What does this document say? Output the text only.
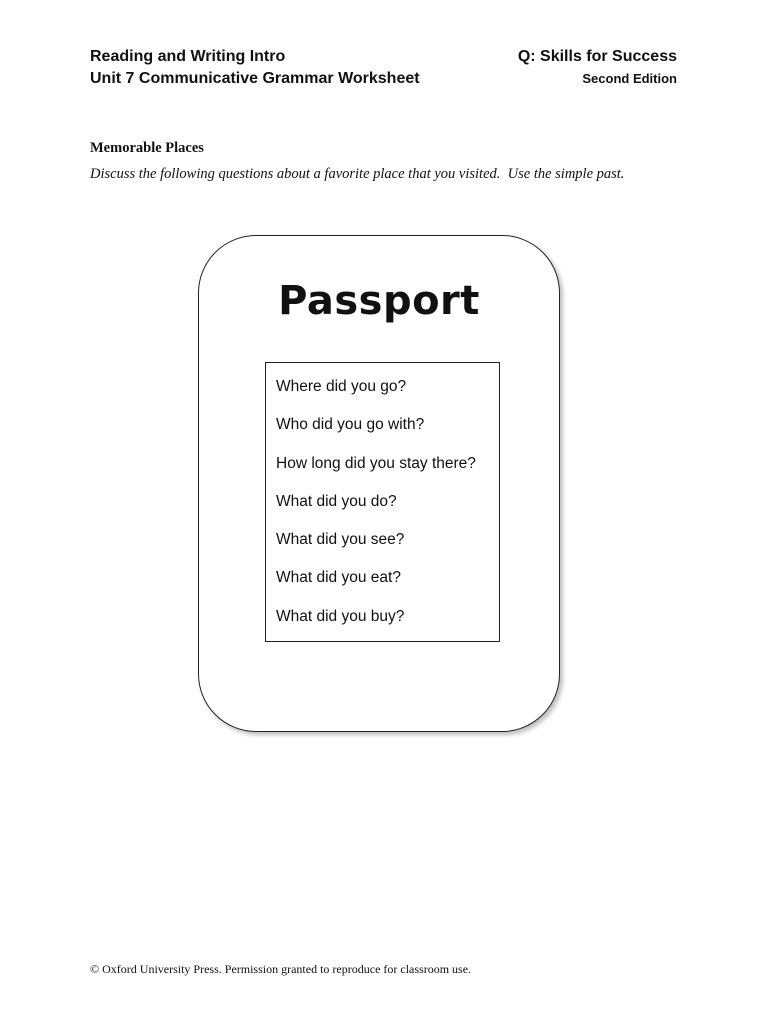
Reading and Writing Intro
Unit 7 Communicative Grammar Worksheet
Q: Skills for Success
Second Edition
Memorable Places
Discuss the following questions about a favorite place that you visited.  Use the simple past.
Passport
Where did you go?
Who did you go with?
How long did you stay there?
What did you do?
What did you see?
What did you eat?
What did you buy?
© Oxford University Press. Permission granted to reproduce for classroom use.
